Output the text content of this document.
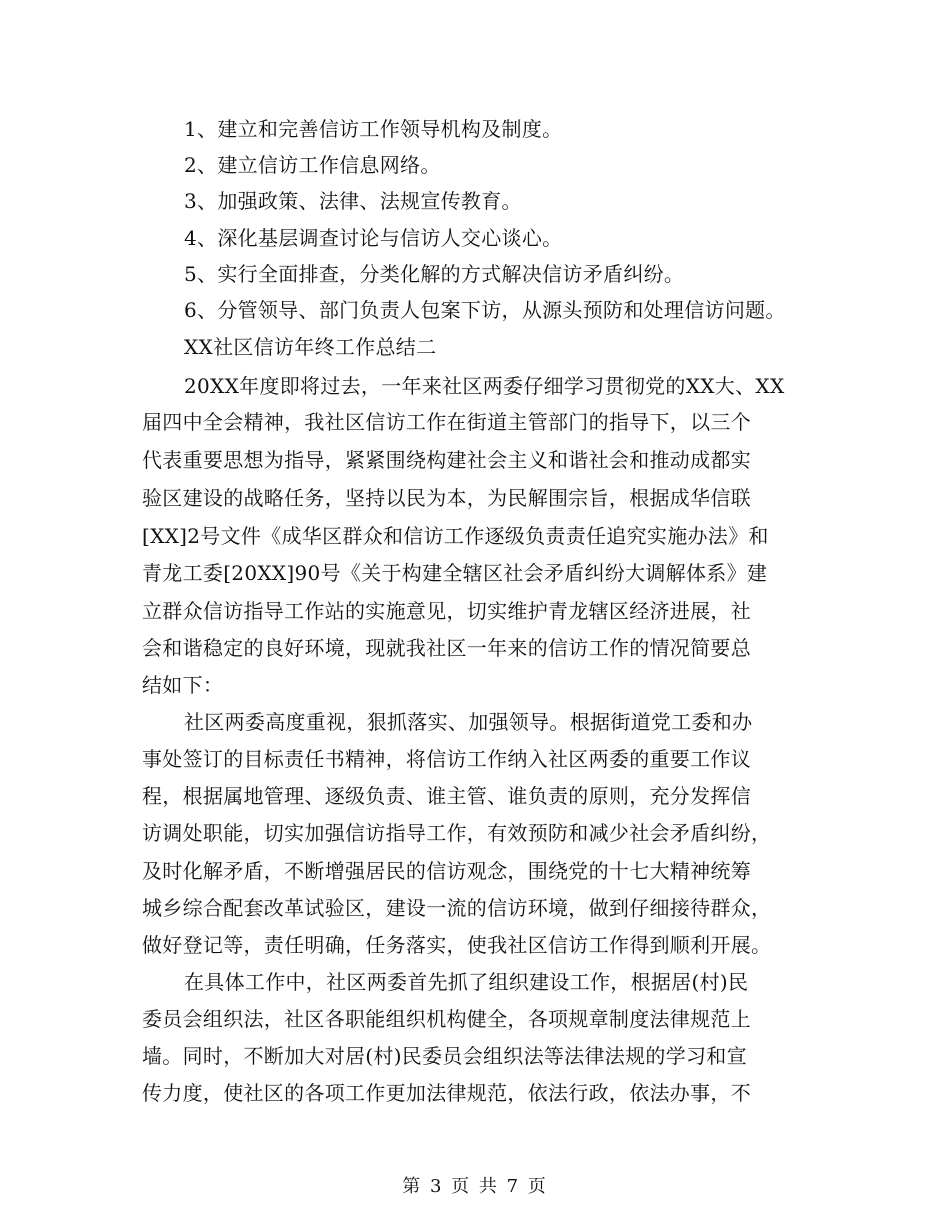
1、建立和完善信访工作领导机构及制度。
2、建立信访工作信息网络。
3、加强政策、法律、法规宣传教育。
4、深化基层调查讨论与信访人交心谈心。
5、实行全面排查，分类化解的方式解决信访矛盾纠纷。
6、分管领导、部门负责人包案下访，从源头预防和处理信访问题。
XX社区信访年终工作总结二
20XX年度即将过去，一年来社区两委仔细学习贯彻党的XX大、XX
届四中全会精神，我社区信访工作在街道主管部门的指导下，以三个
代表重要思想为指导，紧紧围绕构建社会主义和谐社会和推动成都实
验区建设的战略任务，坚持以民为本，为民解围宗旨，根据成华信联
[XX]2号文件《成华区群众和信访工作逐级负责责任追究实施办法》和
青龙工委[20XX]90号《关于构建全辖区社会矛盾纠纷大调解体系》建
立群众信访指导工作站的实施意见，切实维护青龙辖区经济进展，社
会和谐稳定的良好环境，现就我社区一年来的信访工作的情况简要总
结如下：
社区两委高度重视，狠抓落实、加强领导。根据街道党工委和办
事处签订的目标责任书精神，将信访工作纳入社区两委的重要工作议
程，根据属地管理、逐级负责、谁主管、谁负责的原则，充分发挥信
访调处职能，切实加强信访指导工作，有效预防和减少社会矛盾纠纷，
及时化解矛盾，不断增强居民的信访观念，围绕党的十七大精神统筹
城乡综合配套改革试验区，建设一流的信访环境，做到仔细接待群众，
做好登记等，责任明确，任务落实，使我社区信访工作得到顺利开展。
在具体工作中，社区两委首先抓了组织建设工作，根据居(村)民
委员会组织法，社区各职能组织机构健全，各项规章制度法律规范上
墙。同时，不断加大对居(村)民委员会组织法等法律法规的学习和宣
传力度，使社区的各项工作更加法律规范，依法行政，依法办事，不
第 3 页 共 7 页
